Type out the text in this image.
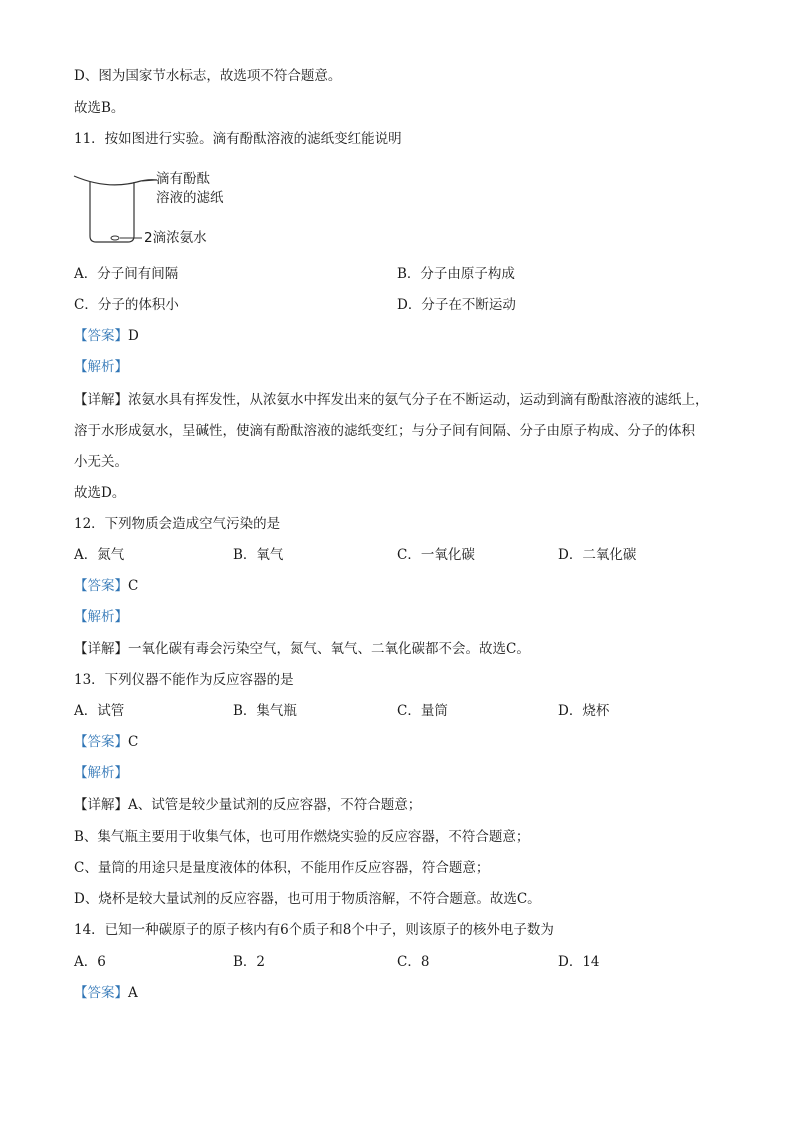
D、图为国家节水标志，故选项不符合题意。
故选B。
11．按如图进行实验。滴有酚酞溶液的滤纸变红能说明
滴有酚酞
溶液的滤纸
2滴浓氨水
A．分子间有间隔	B．分子由原子构成
C．分子的体积小	D．分子在不断运动
【答案】D
【解析】
【详解】浓氨水具有挥发性，从浓氨水中挥发出来的氨气分子在不断运动，运动到滴有酚酞溶液的滤纸上，
溶于水形成氨水，呈碱性，使滴有酚酞溶液的滤纸变红；与分子间有间隔、分子由原子构成、分子的体积
小无关。
故选D。
12．下列物质会造成空气污染的是
A．氮气	B．氧气	C．一氧化碳	D．二氧化碳
【答案】C
【解析】
【详解】一氧化碳有毒会污染空气，氮气、氧气、二氧化碳都不会。故选C。
13．下列仪器不能作为反应容器的是
A．试管	B．集气瓶	C．量筒	D．烧杯
【答案】C
【解析】
【详解】A、试管是较少量试剂的反应容器，不符合题意；
B、集气瓶主要用于收集气体，也可用作燃烧实验的反应容器，不符合题意；
C、量筒的用途只是量度液体的体积，不能用作反应容器，符合题意；
D、烧杯是较大量试剂的反应容器，也可用于物质溶解，不符合题意。故选C。
14．已知一种碳原子的原子核内有6个质子和8个中子，则该原子的核外电子数为
A．6	B．2	C．8	D．14
【答案】A
